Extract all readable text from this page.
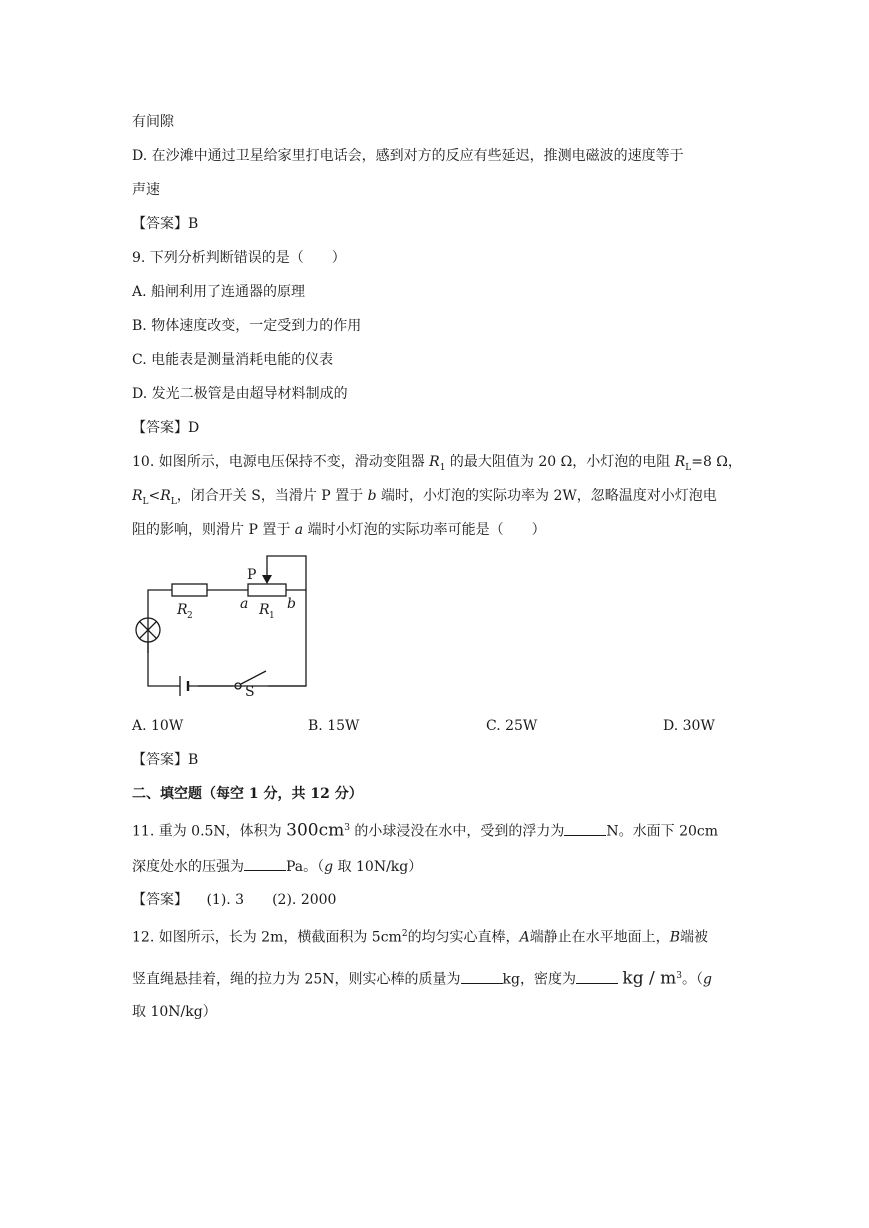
有间隙
D. 在沙滩中通过卫星给家里打电话会，感到对方的反应有些延迟，推测电磁波的速度等于
声速
【答案】B
9. 下列分析判断错误的是（　　）
A. 船闸利用了连通器的原理
B. 物体速度改变，一定受到力的作用
C. 电能表是测量消耗电能的仪表
D. 发光二极管是由超导材料制成的
【答案】D
10. 如图所示，电源电压保持不变，滑动变阻器 $R_1$ 的最大阻值为 20 Ω，小灯泡的电阻 $R_L=8$ Ω，
$R_L<R_L$，闭合开关 S，当滑片 P 置于 b 端时，小灯泡的实际功率为 2W，忽略温度对小灯泡电
阻的影响，则滑片 P 置于 a 端时小灯泡的实际功率可能是（　　）
P
R 2
a R 1
b
S
A. 10W	B. 15W	C. 25W	D. 30W
【答案】B
二、填空题（每空 1 分，共 12 分）
11. 重为 0.5N，体积为 $300cm^3$ 的小球浸没在水中，受到的浮力为	N。水面下 20cm
深度处水的压强为	Pa。（g 取 10N/kg）
【答案】 (1). 3　　(2). 2000
12. 如图所示，长为 2m，横截面积为 $5cm^2$的均匀实心直棒，A端静止在水平地面上，B端被
竖直绳悬挂着，绳的拉力为 25N，则实心棒的质量为	kg，密度为	kg / $m^3$。（g
取 10N/kg）
